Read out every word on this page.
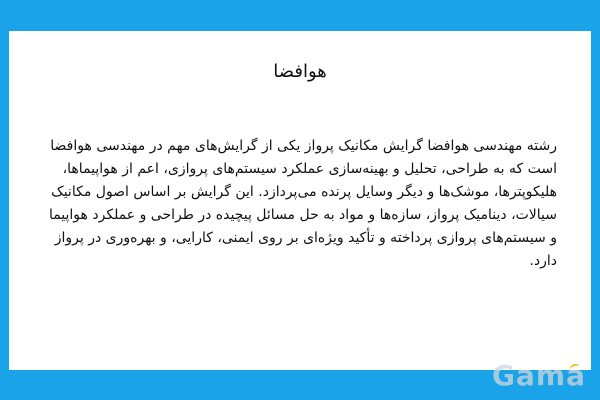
هوافضا
رشته مهندسی هوافضا گرایش مکانیک پرواز یکی از گرایش‌های مهم در مهندسی هوافضا است که به طراحی، تحلیل و بهینه‌سازی عملکرد سیستم‌های پروازی، اعم از هواپیماها، هلیکوپترها، موشک‌ها و دیگر وسایل پرنده می‌پردازد. این گرایش بر اساس اصول مکانیک سیالات، دینامیک پرواز، سازه‌ها و مواد به حل مسائل پیچیده در طراحی و عملکرد هواپیما و سیستم‌های پروازی پرداخته و تأکید ویژه‌ای بر روی ایمنی، کارایی، و بهره‌وری در پرواز دارد.
Gama
